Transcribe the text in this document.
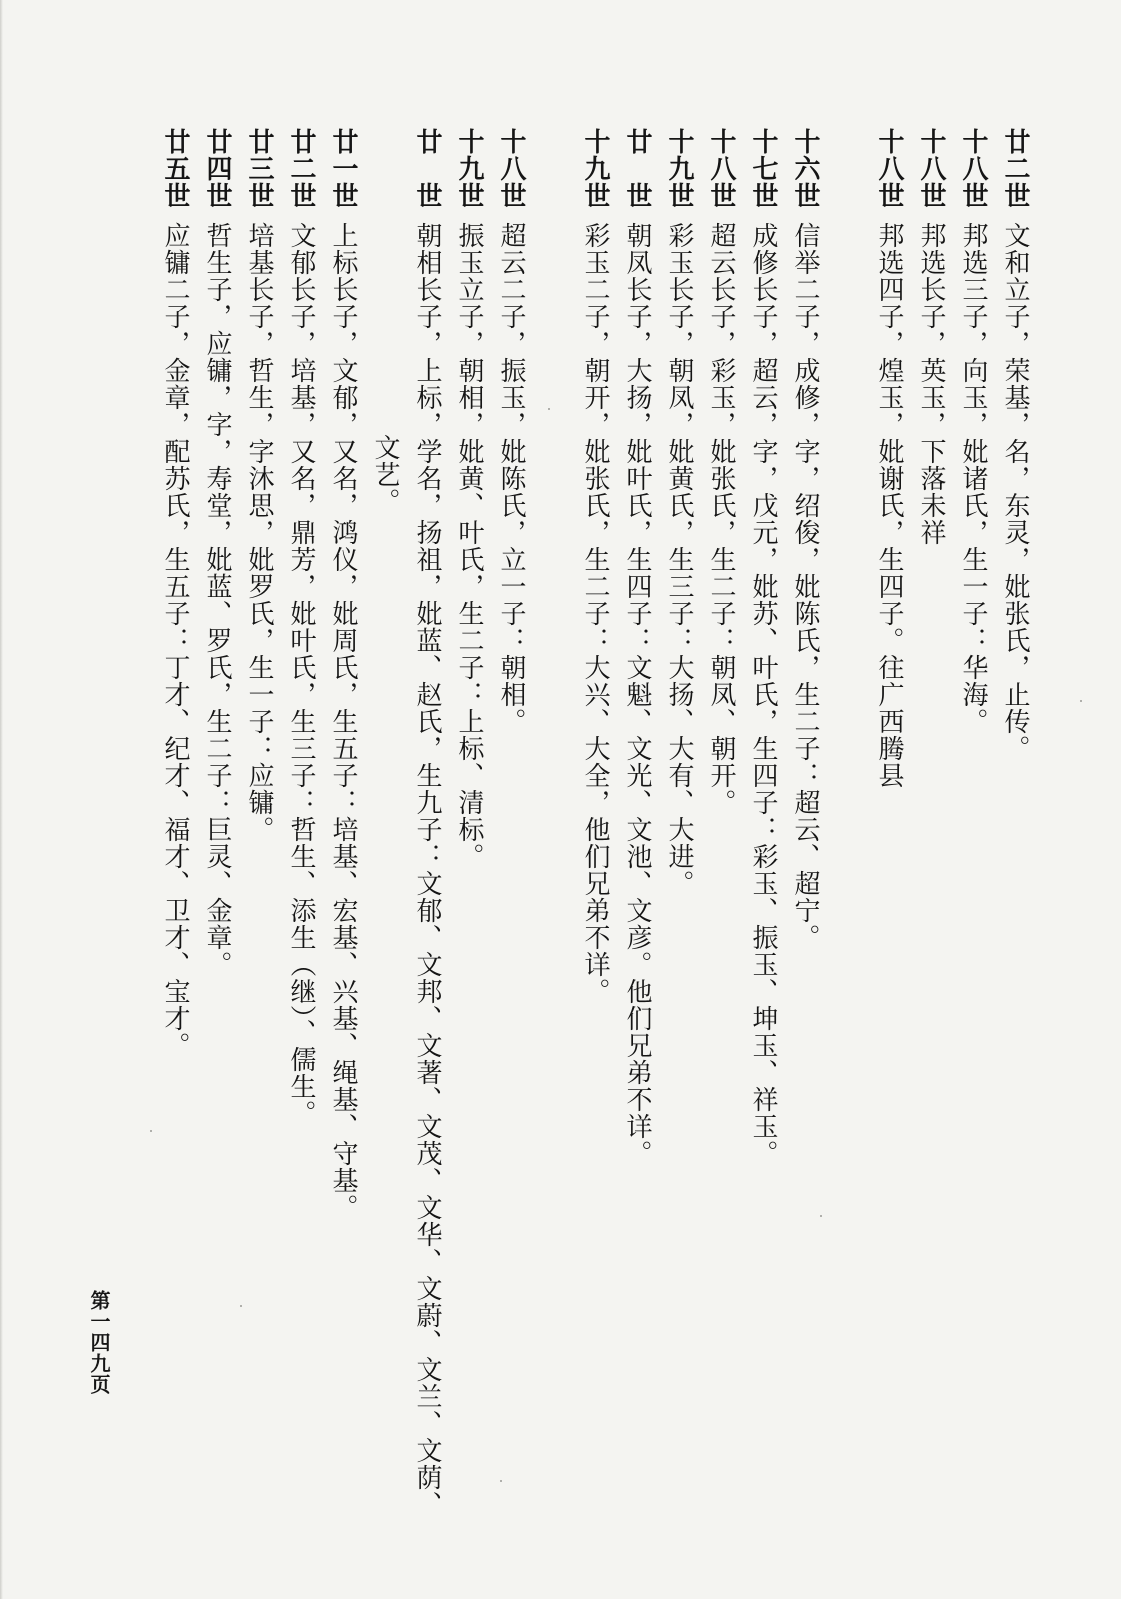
廿二世文和立子，荣基，名，东灵，妣张氏，止传。
十八世邦选三子，向玉，妣诸氏，生一子：华海。
十八世邦选长子，英玉，下落未祥
十八世邦选四子，煌玉，妣谢氏，生四子。往广西腾县
十六世信举二子，成修，字，绍俊，妣陈氏，生二子：超云、超宁。
十七世成修长子，超云，字，戊元，妣苏、叶氏，生四子：彩玉、振玉、坤玉、祥玉。
十八世超云长子，彩玉，妣张氏，生二子：朝凤、朝开。
十九世彩玉长子，朝凤，妣黄氏，生三子：大扬、大有、大进。
廿　世朝凤长子，大扬，妣叶氏，生四子：文魁、文光、文池、文彦。他们兄弟不详。
十九世彩玉二子，朝开，妣张氏，生二子：大兴、大全，他们兄弟不详。
十八世超云二子，振玉，妣陈氏，立一子：朝相。
十九世振玉立子，朝相，妣黄、叶氏，生二子：上标、清标。
廿　世朝相长子，上标，学名，扬祖，妣蓝、赵氏，生九子：文郁、文邦、文著、文茂、文华、文蔚、文兰、文荫、
文艺。
廿一世上标长子，文郁，又名，鸿仪，妣周氏，生五子：培基、宏基、兴基、绳基、守基。
廿二世文郁长子，培基，又名，鼎芳，妣叶氏，生三子：哲生、添生（继）、儒生。
廿三世培基长子，哲生，字沐思，妣罗氏，生一子：应镛。
廿四世哲生子，应镛，字，寿堂，妣蓝、罗氏，生二子：巨灵、金章。
廿五世应镛二子，金章，配苏氏，生五子：丁才、纪才、福才、卫才、宝才。
第一四九页
